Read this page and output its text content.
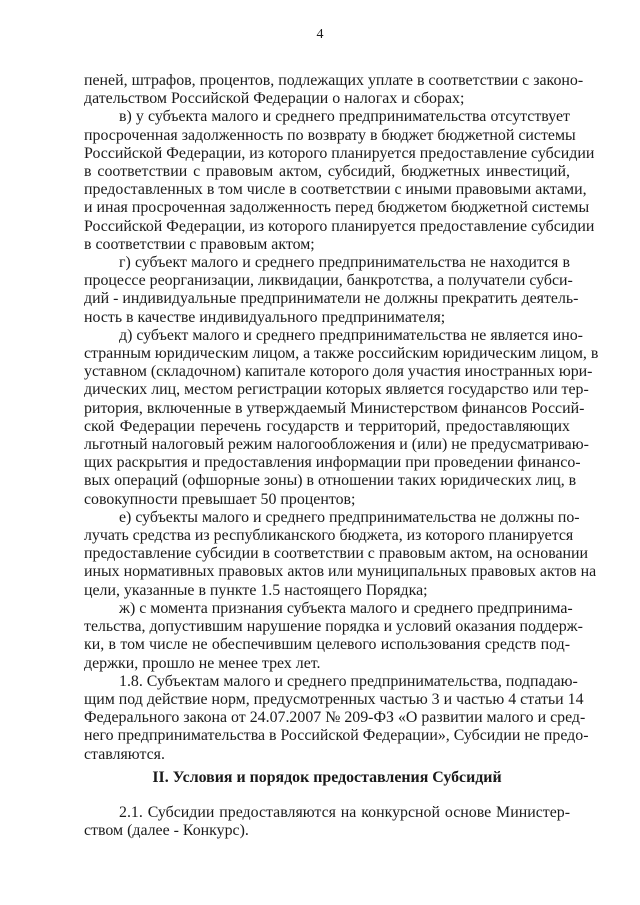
4
пеней, штрафов, процентов, подлежащих уплате в соответствии с законо-
дательством Российской Федерации о налогах и сборах;
в) у субъекта малого и среднего предпринимательства отсутствует
просроченная задолженность по возврату в бюджет бюджетной системы
Российской Федерации, из которого планируется предоставление субсидии
в соответствии с правовым актом, субсидий, бюджетных инвестиций,
предоставленных в том числе в соответствии с иными правовыми актами,
и иная просроченная задолженность перед бюджетом бюджетной системы
Российской Федерации, из которого планируется предоставление субсидии
в соответствии с правовым актом;
г) субъект малого и среднего предпринимательства не находится в
процессе реорганизации, ликвидации, банкротства, а получатели субси-
дий - индивидуальные предприниматели не должны прекратить деятель-
ность в качестве индивидуального предпринимателя;
д) субъект малого и среднего предпринимательства не является ино-
странным юридическим лицом, а также российским юридическим лицом, в
уставном (складочном) капитале которого доля участия иностранных юри-
дических лиц, местом регистрации которых является государство или тер-
ритория, включенные в утверждаемый Министерством финансов Россий-
ской Федерации перечень государств и территорий, предоставляющих
льготный налоговый режим налогообложения и (или) не предусматриваю-
щих раскрытия и предоставления информации при проведении финансо-
вых операций (офшорные зоны) в отношении таких юридических лиц, в
совокупности превышает 50 процентов;
е) субъекты малого и среднего предпринимательства не должны по-
лучать средства из республиканского бюджета, из которого планируется
предоставление субсидии в соответствии с правовым актом, на основании
иных нормативных правовых актов или муниципальных правовых актов на
цели, указанные в пункте 1.5 настоящего Порядка;
ж) с момента признания субъекта малого и среднего предпринима-
тельства, допустившим нарушение порядка и условий оказания поддерж-
ки, в том числе не обеспечившим целевого использования средств под-
держки, прошло не менее трех лет.
1.8. Субъектам малого и среднего предпринимательства, подпадаю-
щим под действие норм, предусмотренных частью 3 и частью 4 статьи 14
Федерального закона от 24.07.2007 № 209-ФЗ «О развитии малого и сред-
него предпринимательства в Российской Федерации», Субсидии не предо-
ставляются.
II. Условия и порядок предоставления Субсидий
2.1. Субсидии предоставляются на конкурсной основе Министер-
ством (далее - Конкурс).
